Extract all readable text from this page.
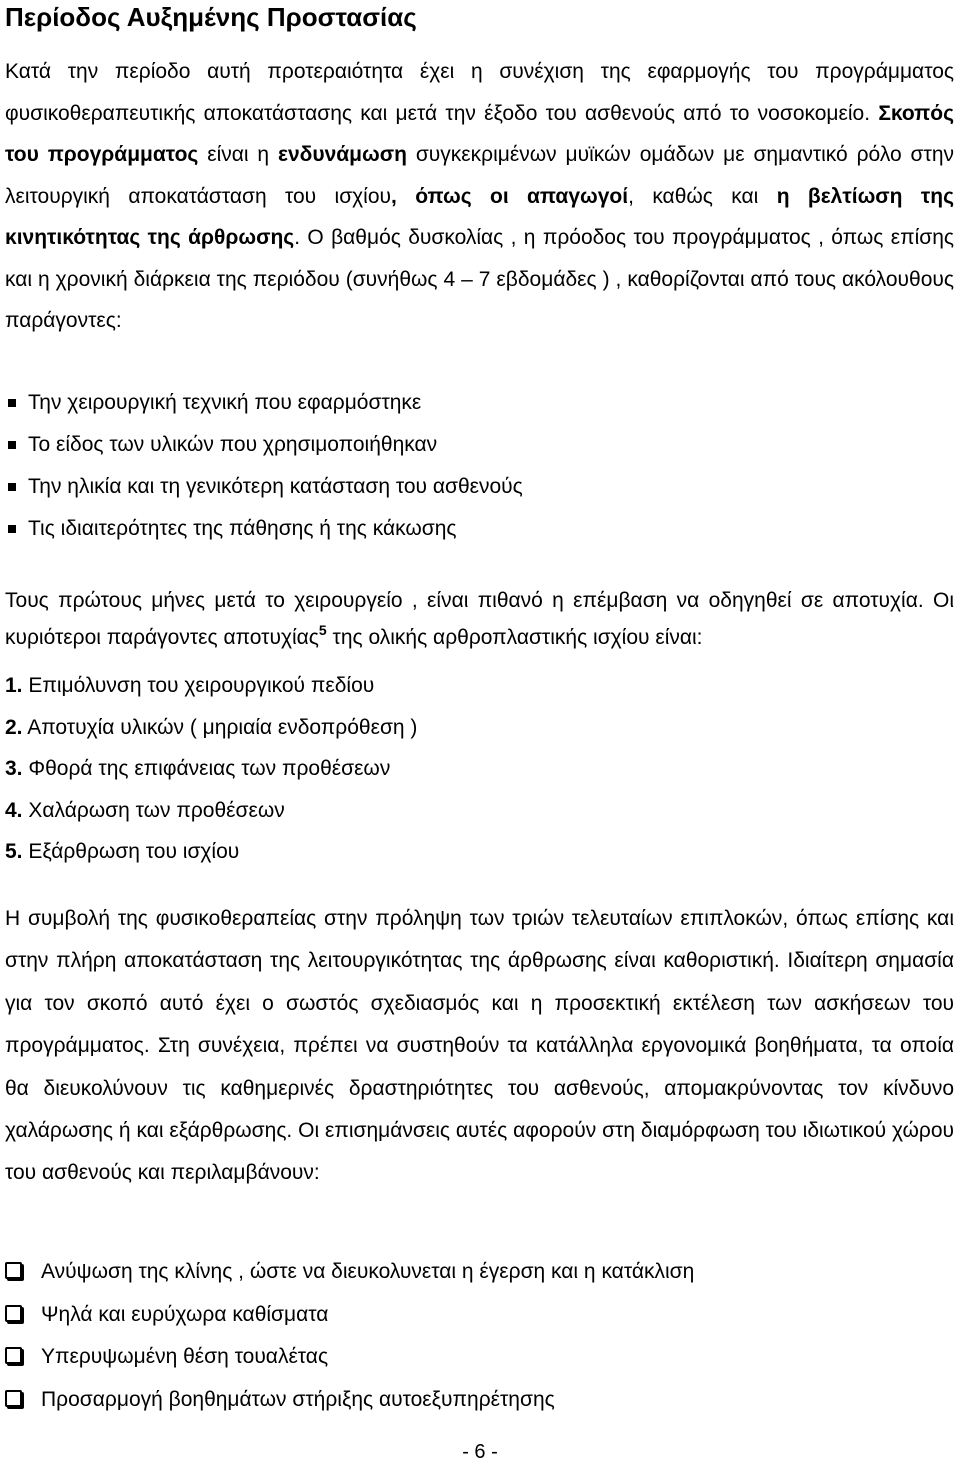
Περίοδος Αυξημένης Προστασίας

Κατά την περίοδο αυτή προτεραιότητα έχει η συνέχιση της εφαρμογής του προγράμματος φυσικοθεραπευτικής αποκατάστασης και μετά την έξοδο του ασθενούς από το νοσοκομείο. Σκοπός του προγράμματος είναι η ενδυνάμωση συγκεκριμένων μυϊκών ομάδων με σημαντικό ρόλο στην λειτουργική αποκατάσταση του ισχίου, όπως οι απαγωγοί, καθώς και η βελτίωση της κινητικότητας της άρθρωσης. Ο βαθμός δυσκολίας , η πρόοδος του προγράμματος , όπως επίσης και η χρονική διάρκεια της περιόδου (συνήθως 4 – 7 εβδομάδες ) , καθορίζονται από τους ακόλουθους παράγοντες:

Την χειρουργική τεχνική που εφαρμόστηκε
Το είδος των υλικών που χρησιμοποιήθηκαν
Την ηλικία και τη γενικότερη κατάσταση του ασθενούς
Τις ιδιαιτερότητες της πάθησης ή της κάκωσης

Τους πρώτους μήνες μετά το χειρουργείο , είναι πιθανό η επέμβαση να οδηγηθεί σε αποτυχία. Οι κυριότεροι παράγοντες αποτυχίας$^5$ της ολικής αρθροπλαστικής ισχίου είναι:

1. Επιμόλυνση του χειρουργικού πεδίου
2. Αποτυχία υλικών ( μηριαία ενδοπρόθεση )
3. Φθορά της επιφάνειας των προθέσεων
4. Χαλάρωση των προθέσεων
5. Εξάρθρωση του ισχίου

Η συμβολή της φυσικοθεραπείας στην πρόληψη των τριών τελευταίων επιπλοκών, όπως επίσης και στην πλήρη αποκατάσταση της λειτουργικότητας της άρθρωσης είναι καθοριστική. Ιδιαίτερη σημασία για τον σκοπό αυτό έχει ο σωστός σχεδιασμός και η προσεκτική εκτέλεση των ασκήσεων του προγράμματος. Στη συνέχεια, πρέπει να συστηθούν τα κατάλληλα εργονομικά βοηθήματα, τα οποία θα διευκολύνουν τις καθημερινές δραστηριότητες του ασθενούς, απομακρύνοντας τον κίνδυνο χαλάρωσης ή και εξάρθρωσης. Οι επισημάνσεις αυτές αφορούν στη διαμόρφωση του ιδιωτικού χώρου του ασθενούς και περιλαμβάνουν:

Ανύψωση της κλίνης , ώστε να διευκολυνεται η έγερση και η κατάκλιση
Ψηλά και ευρύχωρα καθίσματα
Υπερυψωμένη θέση τουαλέτας
Προσαρμογή βοηθημάτων στήριξης αυτοεξυπηρέτησης
- 6 -
